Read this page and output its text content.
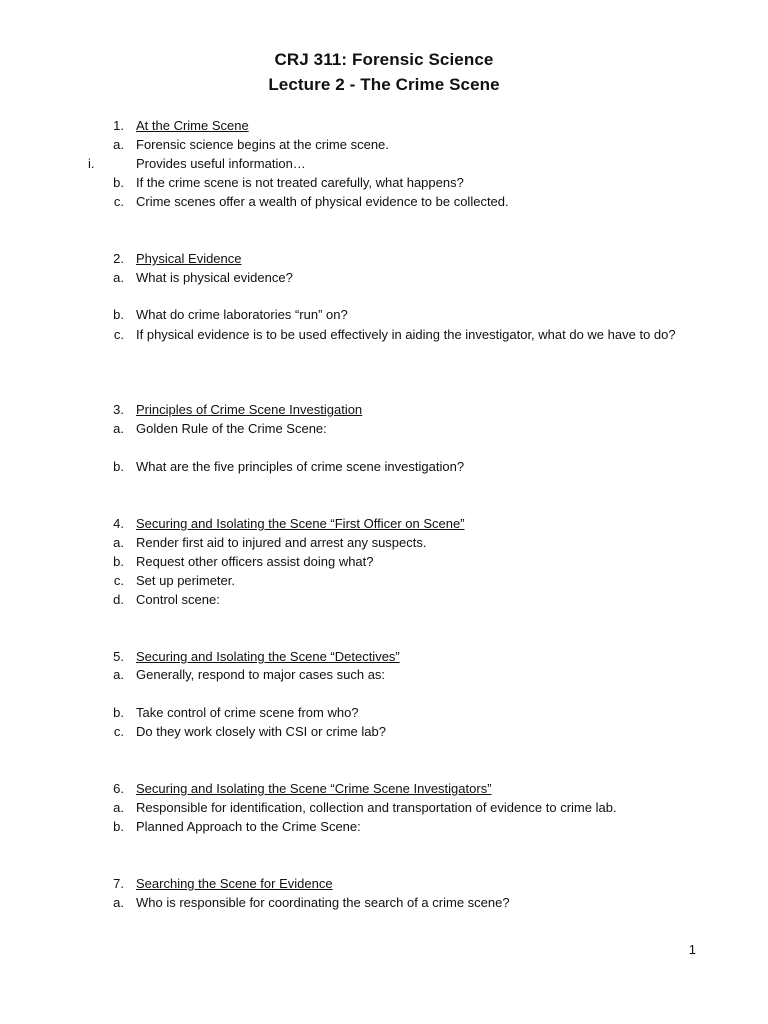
CRJ 311: Forensic Science
Lecture 2 - The Crime Scene
1. At the Crime Scene
a. Forensic science begins at the crime scene.
i.	Provides useful information…
b. If the crime scene is not treated carefully, what happens?
c. Crime scenes offer a wealth of physical evidence to be collected.
2. Physical Evidence
a. What is physical evidence?
b. What do crime laboratories “run” on?
c. If physical evidence is to be used effectively in aiding the investigator, what do we have to do?
3. Principles of Crime Scene Investigation
a. Golden Rule of the Crime Scene:
b. What are the five principles of crime scene investigation?
4. Securing and Isolating the Scene “First Officer on Scene”
a. Render first aid to injured and arrest any suspects.
b. Request other officers assist doing what?
c. Set up perimeter.
d. Control scene:
5. Securing and Isolating the Scene “Detectives”
a. Generally, respond to major cases such as:
b. Take control of crime scene from who?
c. Do they work closely with CSI or crime lab?
6. Securing and Isolating the Scene “Crime Scene Investigators”
a. Responsible for identification, collection and transportation of evidence to crime lab.
b. Planned Approach to the Crime Scene:
7. Searching the Scene for Evidence
a. Who is responsible for coordinating the search of a crime scene?
1
